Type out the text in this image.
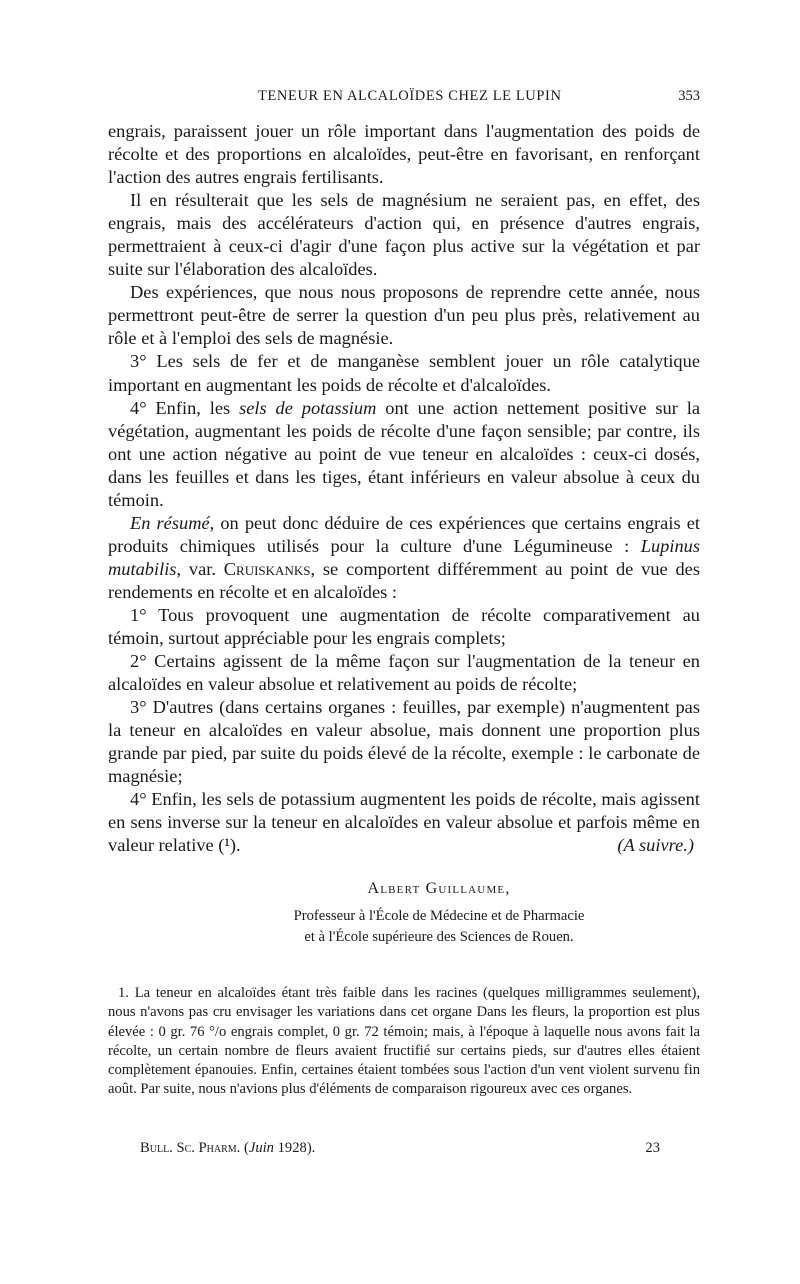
TENEUR EN ALCALOÏDES CHEZ LE LUPIN	353

engrais, paraissent jouer un rôle important dans l'augmentation des poids de récolte et des proportions en alcaloïdes, peut-être en favorisant, en renforçant l'action des autres engrais fertilisants.

Il en résulterait que les sels de magnésium ne seraient pas, en effet, des engrais, mais des accélérateurs d'action qui, en présence d'autres engrais, permettraient à ceux-ci d'agir d'une façon plus active sur la végétation et par suite sur l'élaboration des alcaloïdes.

Des expériences, que nous nous proposons de reprendre cette année, nous permettront peut-être de serrer la question d'un peu plus près, relativement au rôle et à l'emploi des sels de magnésie.

3° Les sels de fer et de manganèse semblent jouer un rôle catalytique important en augmentant les poids de récolte et d'alcaloïdes.

4° Enfin, les sels de potassium ont une action nettement positive sur la végétation, augmentant les poids de récolte d'une façon sensible; par contre, ils ont une action négative au point de vue teneur en alcaloïdes : ceux-ci dosés, dans les feuilles et dans les tiges, étant inférieurs en valeur absolue à ceux du témoin.

En résumé, on peut donc déduire de ces expériences que certains engrais et produits chimiques utilisés pour la culture d'une Légumineuse : Lupinus mutabilis, var. Cruiskanks, se comportent différemment au point de vue des rendements en récolte et en alcaloïdes :

1° Tous provoquent une augmentation de récolte comparativement au témoin, surtout appréciable pour les engrais complets;

2° Certains agissent de la même façon sur l'augmentation de la teneur en alcaloïdes en valeur absolue et relativement au poids de récolte;

3° D'autres (dans certains organes : feuilles, par exemple) n'augmentent pas la teneur en alcaloïdes en valeur absolue, mais donnent une proportion plus grande par pied, par suite du poids élevé de la récolte, exemple : le carbonate de magnésie;

4° Enfin, les sels de potassium augmentent les poids de récolte, mais agissent en sens inverse sur la teneur en alcaloïdes en valeur absolue et parfois même en valeur relative (¹).	(A suivre.)

Albert Guillaume,
Professeur à l'École de Médecine et de Pharmacie
et à l'École supérieure des Sciences de Rouen.

1. La teneur en alcaloïdes étant très faible dans les racines (quelques milligrammes seulement), nous n'avons pas cru envisager les variations dans cet organe Dans les fleurs, la proportion est plus élevée : 0 gr. 76 °/o engrais complet, 0 gr. 72 témoin; mais, à l'époque à laquelle nous avons fait la récolte, un certain nombre de fleurs avaient fructifié sur certains pieds, sur d'autres elles étaient complètement épanouies. Enfin, certaines étaient tombées sous l'action d'un vent violent survenu fin août. Par suite, nous n'avions plus d'éléments de comparaison rigoureux avec ces organes.

Bull. Sc. Pharm. (Juin 1928).	23
